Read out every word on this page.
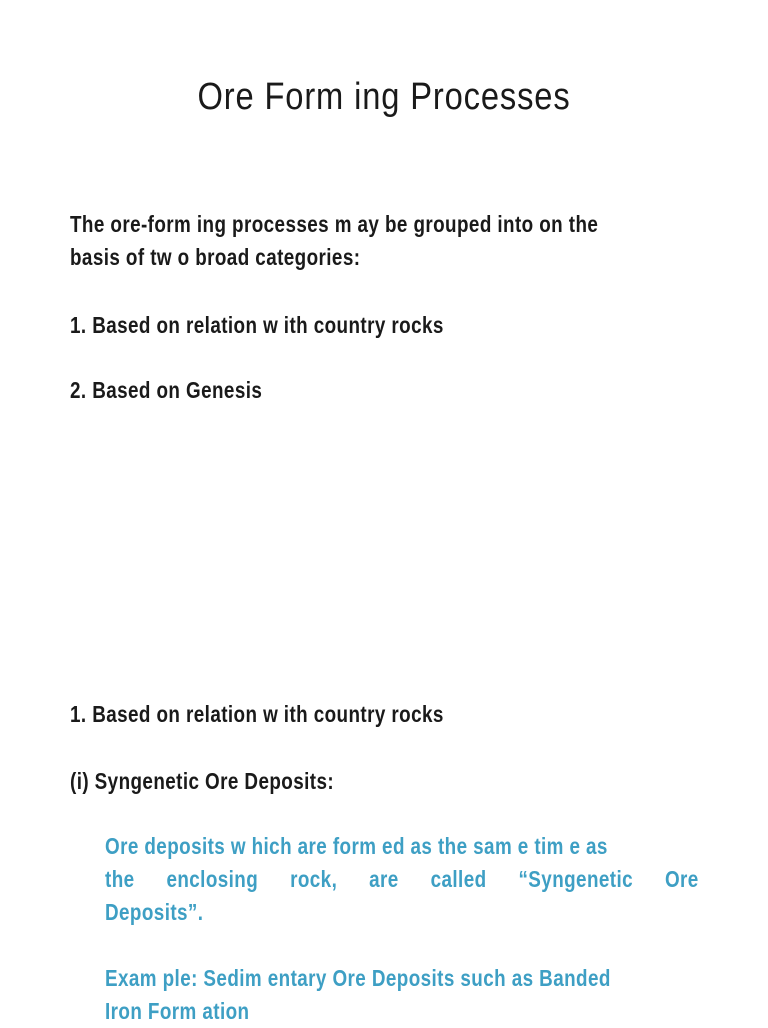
Ore Form ing Processes

The ore-form ing processes m ay be grouped into on the
basis of tw o broad categories:

1. Based on relation w ith country rocks

2. Based on Genesis

1. Based on relation w ith country rocks

(i) Syngenetic Ore Deposits:

Ore deposits w hich are form ed as the sam e tim e as
the enclosing rock, are called “Syngenetic Ore
Deposits”.
Exam ple: Sedim entary Ore Deposits such as Banded
Iron Form ation
